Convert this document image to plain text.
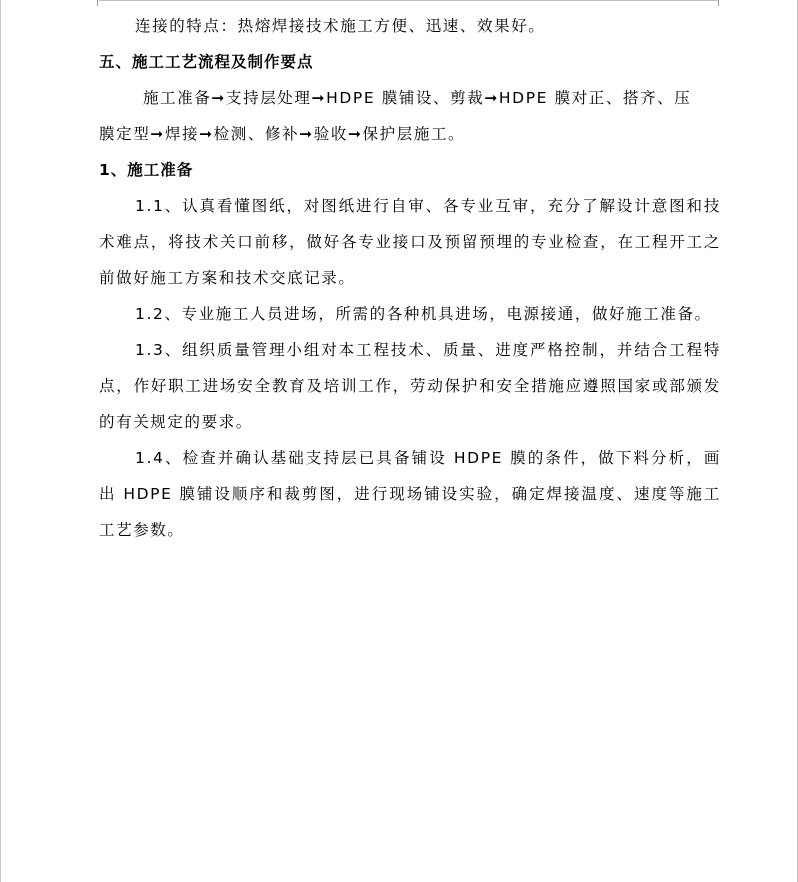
连接的特点：热熔焊接技术施工方便、迅速、效果好。

五、施工工艺流程及制作要点

施工准备➞支持层处理➞HDPE 膜铺设、剪裁➞HDPE 膜对正、搭齐、压

膜定型➞焊接➞检测、修补➞验收➞保护层施工。

1、施工准备

1.1、认真看懂图纸，对图纸进行自审、各专业互审，充分了解设计意图和技术难点，将技术关口前移，做好各专业接口及预留预埋的专业检查，在工程开工之前做好施工方案和技术交底记录。

1.2、专业施工人员进场，所需的各种机具进场，电源接通，做好施工准备。

1.3、组织质量管理小组对本工程技术、质量、进度严格控制，并结合工程特点，作好职工进场安全教育及培训工作，劳动保护和安全措施应遵照国家或部颁发的有关规定的要求。

1.4、检查并确认基础支持层已具备铺设 HDPE 膜的条件，做下料分析，画出 HDPE 膜铺设顺序和裁剪图，进行现场铺设实验，确定焊接温度、速度等施工工艺参数。
